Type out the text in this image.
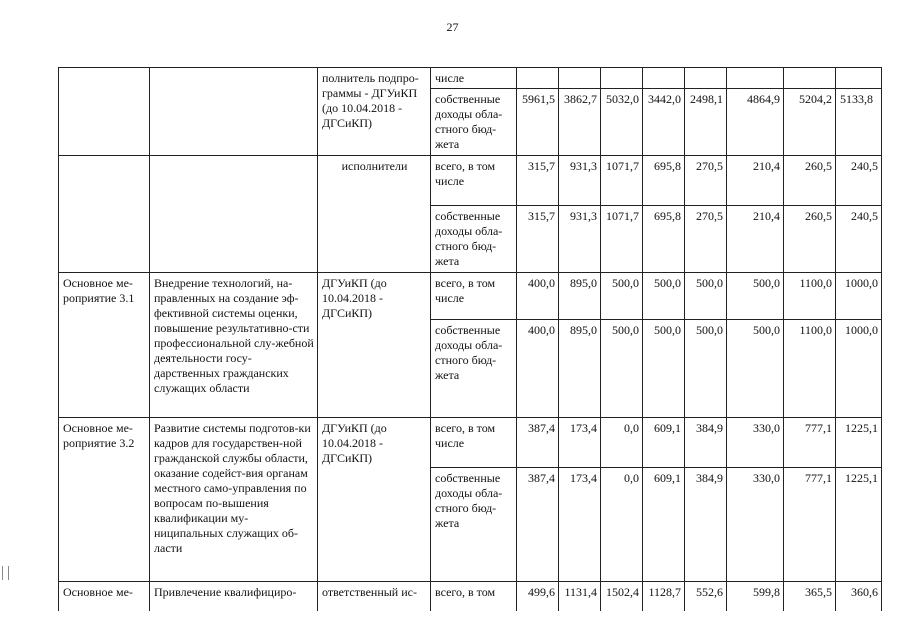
27
		полнитель подпро-граммы - ДГУиКП (до 10.04.2018 - ДГСиКП)	числе								
			собственные доходы обла-стного бюд-жета	5961,5	3862,7	5032,0	3442,0	2498,1	4864,9	5204,2	5133,8
		исполнители	всего, в том числе	315,7	931,3	1071,7	695,8	270,5	210,4	260,5	240,5
			собственные доходы обла-стного бюд-жета	315,7	931,3	1071,7	695,8	270,5	210,4	260,5	240,5
Основное ме-роприятие 3.1	Внедрение технологий, на-правленных на создание эф-фективной системы оценки, повышение результативно-сти профессиональной слу-жебной деятельности госу-дарственных гражданских служащих области	ДГУиКП (до 10.04.2018 - ДГСиКП)	всего, в том числе	400,0	895,0	500,0	500,0	500,0	500,0	1100,0	1000,0
			собственные доходы обла-стного бюд-жета	400,0	895,0	500,0	500,0	500,0	500,0	1100,0	1000,0
Основное ме-роприятие 3.2	Развитие системы подготов-ки кадров для государствен-ной гражданской службы области, оказание содейст-вия органам местного само-управления по вопросам по-вышения квалификации му-ниципальных служащих об-ласти	ДГУиКП (до 10.04.2018 - ДГСиКП)	всего, в том числе	387,4	173,4	0,0	609,1	384,9	330,0	777,1	1225,1
			собственные доходы обла-стного бюд-жета	387,4	173,4	0,0	609,1	384,9	330,0	777,1	1225,1
Основное ме-	Привлечение квалифициро-	ответственный ис-	всего, в том	499,6	1131,4	1502,4	1128,7	552,6	599,8	365,5	360,6
